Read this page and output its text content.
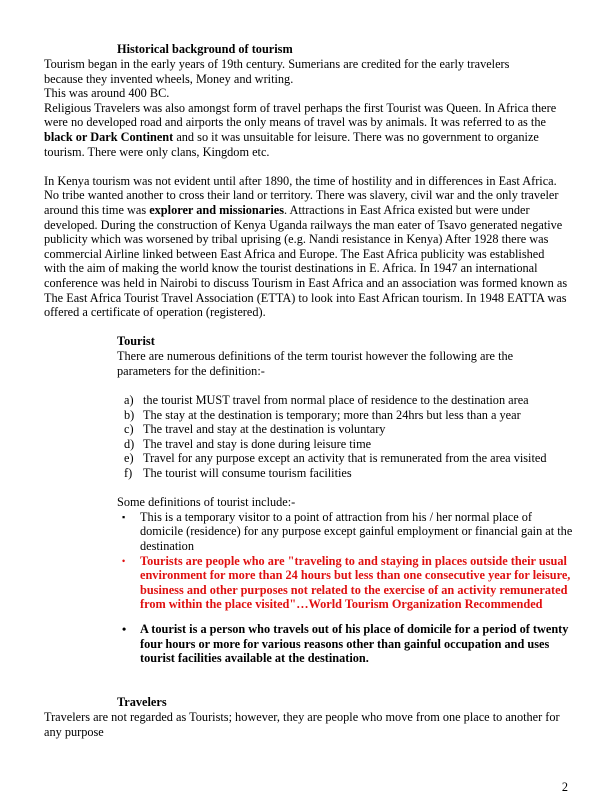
Historical background of tourism
Tourism began in the early years of 19th century. Sumerians are credited for the early travelers
because they invented wheels, Money and writing.
This was around 400 BC.
Religious Travelers was also amongst form of travel perhaps the first Tourist was Queen. In Africa there were no developed road and airports the only means of travel was by animals. It was referred to as the black or Dark Continent and so it was unsuitable for leisure. There was no government to organize tourism. There were only clans, Kingdom etc.
In Kenya tourism was not evident until after 1890, the time of hostility and in differences in East Africa. No tribe wanted another to cross their land or territory. There was slavery, civil war and the only traveler around this time was explorer and missionaries. Attractions in East Africa existed but were under developed. During the construction of Kenya Uganda railways the man eater of Tsavo generated negative publicity which was worsened by tribal uprising (e.g. Nandi resistance in Kenya) After 1928 there was commercial Airline linked between East Africa and Europe. The East Africa publicity was established with the aim of making the world know the tourist destinations in E. Africa. In 1947 an international conference was held in Nairobi to discuss Tourism in East Africa and an association was formed known as The East Africa Tourist Travel Association (ETTA) to look into East African tourism. In 1948 EATTA was offered a certificate of operation (registered).
Tourist
There are numerous definitions of the term tourist however the following are the parameters for the definition:-
a) the tourist MUST travel from normal place of residence to the destination area
b) The stay at the destination is temporary; more than 24hrs but less than a year
c) The travel and stay at the destination is voluntary
d) The travel and stay is done during leisure time
e) Travel for any purpose except an activity that is remunerated from the area visited
f) The tourist will consume tourism facilities
Some definitions of tourist include:-
▪ This is a temporary visitor to a point of attraction from his / her normal place of domicile (residence) for any purpose except gainful employment or financial gain at the destination
• Tourists are people who are "traveling to and staying in places outside their usual environment for more than 24 hours but less than one consecutive year for leisure, business and other purposes not related to the exercise of an activity remunerated from within the place visited"…World Tourism Organization Recommended
• A tourist is a person who travels out of his place of domicile for a period of twenty four hours or more for various reasons other than gainful occupation and uses tourist facilities available at the destination.
Travelers
Travelers are not regarded as Tourists; however, they are people who move from one place to another for any purpose
2
